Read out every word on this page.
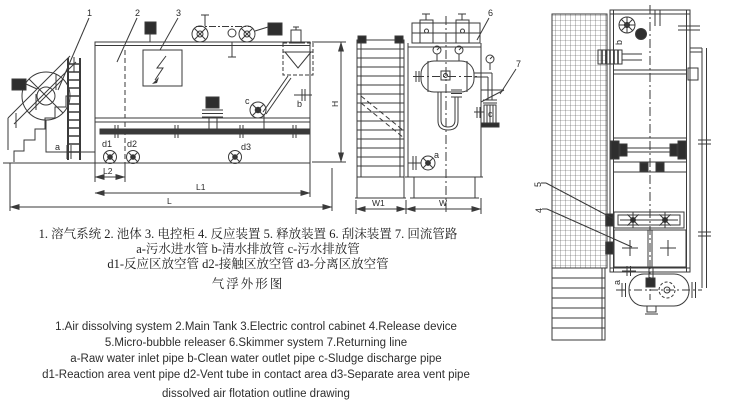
1	2	3	6
7
5
4
a
b
c
d1 d2	d3
a
c
b
a
L2
L1
L
H
W1	W
1. 溶气系统 2. 池体 3. 电控柜 4. 反应装置 5. 释放装置 6. 刮沫装置 7. 回流管路
a-污水进水管 b-清水排放管 c-污水排放管
d1-反应区放空管 d2-接触区放空管 d3-分离区放空管
气浮外形图
1.Air dissolving system 2.Main Tank 3.Electric control cabinet 4.Release device
5.Micro-bubble releaser 6.Skimmer system 7.Returning line
a-Raw water inlet pipe b-Clean water outlet pipe c-Sludge discharge pipe
d1-Reaction area vent pipe d2-Vent tube in contact area d3-Separate area vent pipe
dissolved air flotation outline drawing
